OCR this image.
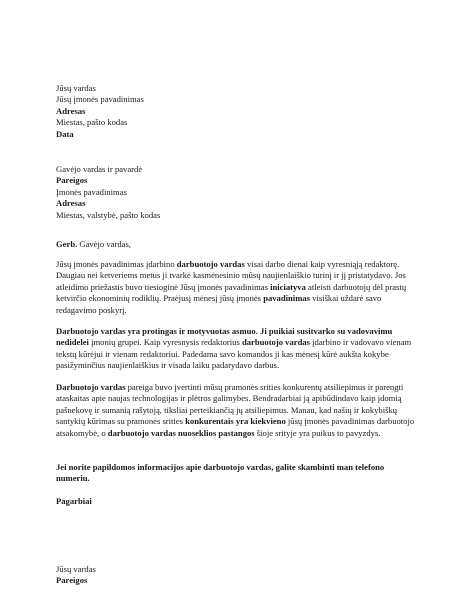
Jūsų vardas
Jūsų įmonės pavadinimas
Adresas
Miestas, pašto kodas
Data
Gavėjo vardas ir pavardė
Pareigos
Įmonės pavadinimas
Adresas
Miestas, valstybė, pašto kodas
Gerb. Gavėjo vardas,

Jūsų įmonės pavadinimas įdarbino darbuotojo vardas visai darbo dienai kaip vyresniąją redaktorę. Daugiau nei ketveriems metus ji tvarkė kasmėnesinio mūsų naujienlaiškio turinį ir jį pristatydavo. Jos atleidimo priežastis buvo tiesioginė Jūsų įmonės pavadinimas iniciatyva atleisti darbuotojų dėl prastų ketvirčio ekonominių rodiklių. Praėjusį mėnesį jūsų įmonės pavadinimas visiškai uždarė savo redagavimo poskyrį.

Darbuotojo vardas yra protingas ir motyvuotas asmuo. Ji puikiai susitvarko su vadovavimu nedidelei įmonių grupei. Kaip vyresnysis redaktorius darbuotojo vardas įdarbino ir vadovavo vienam tekstų kūrėjui ir vienam redaktoriui. Padedama savo komandos ji kas mėnesį kūrė aukšta kokybe pasižyminčius naujienlaiškius ir visada laiku padarydavo darbus.

Darbuotojo vardas pareiga buvo įvertinti mūsų pramonės srities konkurentų atsiliepimus ir parengti ataskaitas apie naujas technologijas ir plėtros galimybes. Bendradarbiai ją apibūdindavo kaip įdomią pašnekovę ir sumanią rašytoją, tiksliai perteikiančią jų atsiliepimus. Manau, kad našių ir kokybiškų santykių kūrimas su pramonės srities konkurentais yra kiekvieno jūsų įmonės pavadinimas darbuotojo atsakomybė, o darbuotojo vardas nuoseklios pastangos šioje srityje yra puikus to pavyzdys.

Jei norite papildomos informacijos apie darbuotojo vardas, galite skambinti man telefono numeriu.

Pagarbiai
Jūsų vardas
Pareigos
